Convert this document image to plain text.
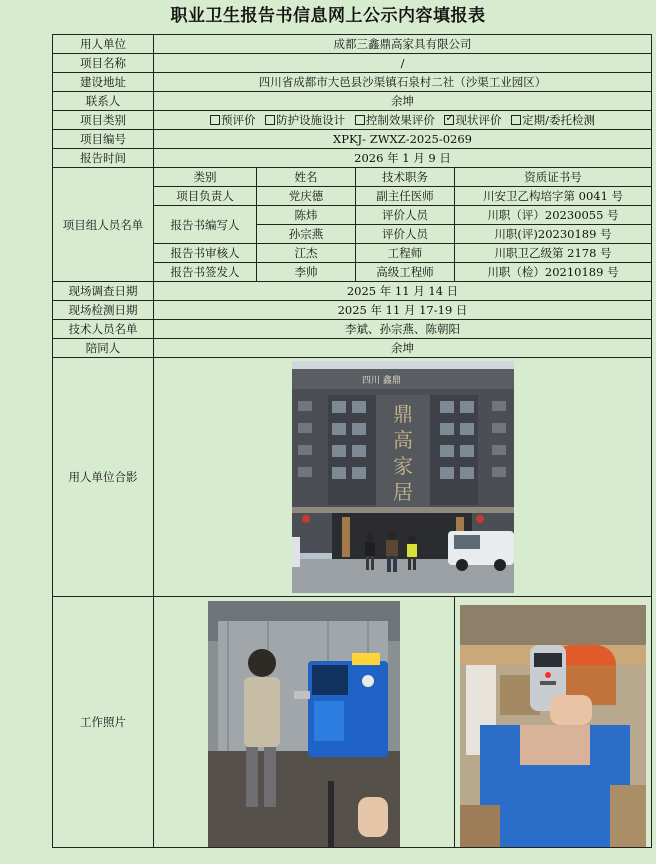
职业卫生报告书信息网上公示内容填报表
用人单位	成都三鑫鼎高家具有限公司			
项目名称	/			
建设地址	四川省成都市大邑县沙渠镇石泉村二社（沙渠工业园区）			
联系人	余坤			
项目类别	预评价 防护设施设计 控制效果评价 ✓ 现状评价 定期/委托检测
项目编号	XPKJ- ZWXZ-2025-0269			
报告时间	2026 年 1 月 9 日			
项目组人员名单	类别	姓名	技术职务	资质证书号
	项目负责人	党庆德	副主任医师	川安卫乙构培字第 0041 号
	报告书编写人	陈炜	评价人员	川职（评）20230055 号
		孙宗燕	评价人员	川职(评)20230189 号
	报告书审核人	江杰	工程师	川职卫乙级第 2178 号
	报告书签发人	李帅	高级工程师	川职（检）20210189 号
现场调查日期	2025 年 11 月 14 日			
现场检测日期	2025 年 11 月 17-19 日			
技术人员名单	李斌、孙宗燕、陈朝阳			
陪同人	余坤			
用人单位合影	四川 鑫鼎
鼎
高
家
居			

工作照片	
